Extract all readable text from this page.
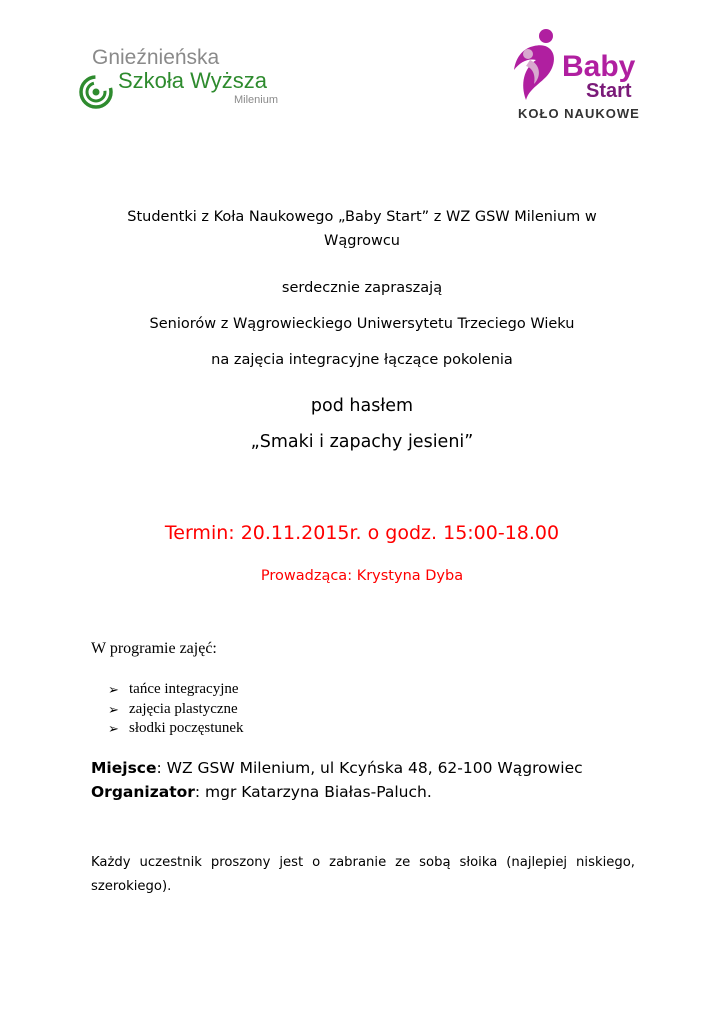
Gnieźnieńska
Szkoła Wyższa
Milenium
Baby
Start
KOŁO NAUKOWE
Studentki z Koła Naukowego „Baby Start” z WZ GSW Milenium w
Wągrowcu
serdecznie zapraszają
Seniorów z Wągrowieckiego Uniwersytetu Trzeciego Wieku
na zajęcia integracyjne łączące pokolenia
pod hasłem
„Smaki i zapachy jesieni”
Termin: 20.11.2015r. o godz. 15:00-18.00
Prowadząca: Krystyna Dyba
W programie zajęć:
➢ tańce integracyjne
➢ zajęcia plastyczne
➢ słodki poczęstunek
Miejsce: WZ GSW Milenium, ul Kcyńska 48, 62-100 Wągrowiec
Organizator: mgr Katarzyna Białas-Paluch.
Każdy uczestnik proszony jest o zabranie ze sobą słoika (najlepiej niskiego, szerokiego).
